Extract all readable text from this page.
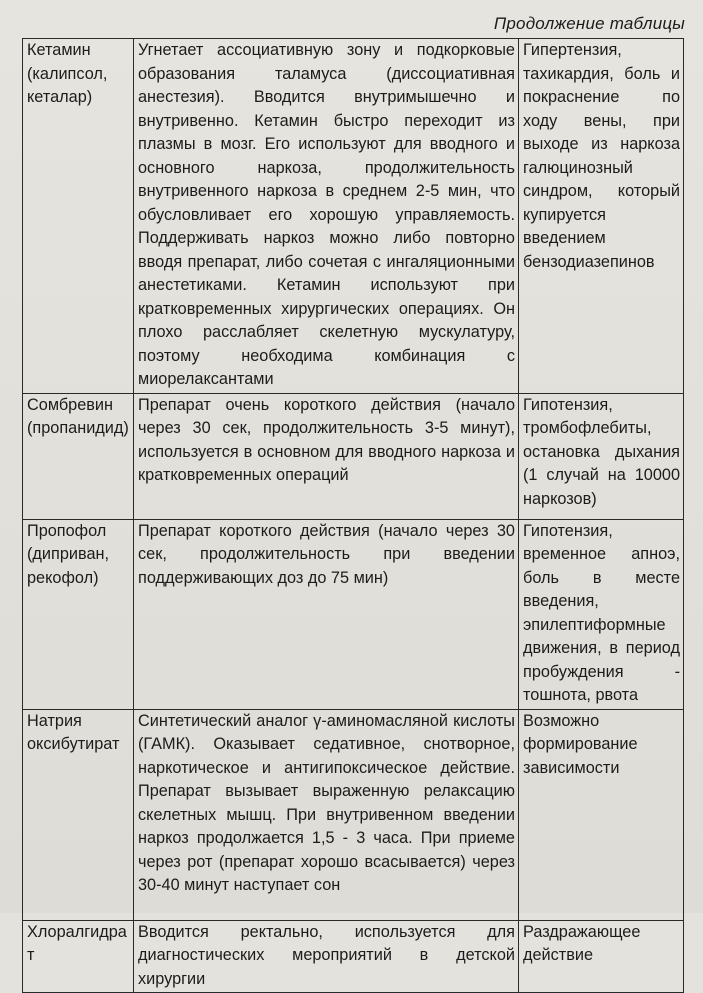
Продолжение таблицы
Кетамин (калипсол, кеталар)	Угнетает ассоциативную зону и подкорковые образования таламуса (диссоциативная анестезия). Вводится внутримышечно и внутривенно. Кетамин быстро переходит из плазмы в мозг. Его используют для вводного и основного наркоза, продолжительность внутривенного наркоза в среднем 2-5 мин, что обусловливает его хорошую управляемость. Поддерживать наркоз можно либо повторно вводя препарат, либо сочетая с ингаляционными анестетиками. Кетамин используют при кратковременных хирургических операциях. Он плохо расслабляет скелетную мускулатуру, поэтому необходима комбинация с миорелаксантами	Гипертензия, тахикардия, боль и покраснение по ходу вены, при выходе из наркоза галюцинозный синдром, который купируется введением бензодиазепинов
Сомбревин (пропанидид)	Препарат очень короткого действия (начало через 30 сек, продолжительность 3-5 минут), используется в основном для вводного наркоза и кратковременных операций	Гипотензия, тромбофлебиты, остановка дыхания (1 случай на 10000 наркозов)
Пропофол (диприван, рекофол)	Препарат короткого действия (начало через 30 сек, продолжительность при введении поддерживающих доз до 75 мин)	Гипотензия, временное апноэ, боль в месте введения, эпилептиформные движения, в период пробуждения - тошнота, рвота
Натрия оксибутират	Синтетический аналог γ-аминомасляной кислоты (ГАМК). Оказывает седативное, снотворное, наркотическое и антигипоксическое действие. Препарат вызывает выраженную релаксацию скелетных мышц. При внутривенном введении наркоз продолжается 1,5 - 3 часа. При приеме через рот (препарат хорошо всасывается) через 30-40 минут наступает сон	Возможно формирование зависимости
Хлоралгидрат	Вводится ректально, используется для диагностических мероприятий в детской хирургии	Раздражающее действие
